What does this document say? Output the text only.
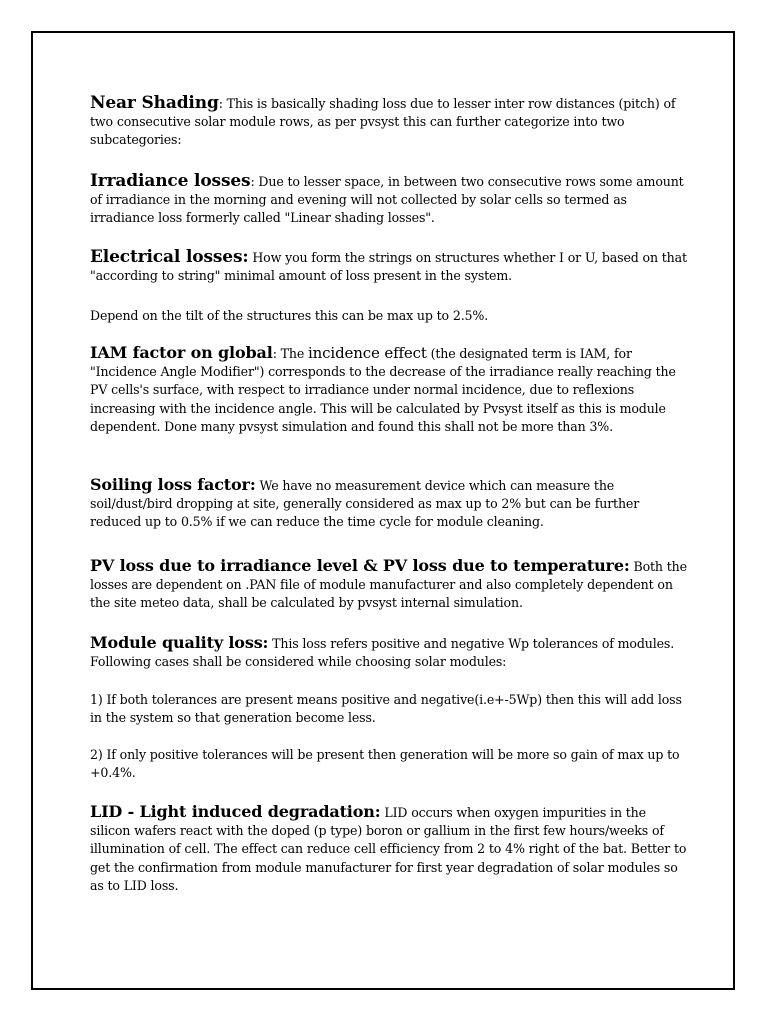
Near Shading: This is basically shading loss due to lesser inter row distances (pitch) of two consecutive solar module rows, as per pvsyst this can further categorize into two subcategories:

Irradiance losses: Due to lesser space, in between two consecutive rows some amount of irradiance in the morning and evening will not collected by solar cells so termed as irradiance loss formerly called "Linear shading losses".

Electrical losses: How you form the strings on structures whether I or U, based on that "according to string" minimal amount of loss present in the system.

Depend on the tilt of the structures this can be max up to 2.5%.

IAM factor on global: The incidence effect (the designated term is IAM, for "Incidence Angle Modifier") corresponds to the decrease of the irradiance really reaching the PV cells's surface, with respect to irradiance under normal incidence, due to reflexions increasing with the incidence angle. This will be calculated by Pvsyst itself as this is module dependent. Done many pvsyst simulation and found this shall not be more than 3%.

Soiling loss factor: We have no measurement device which can measure the soil/dust/bird dropping at site, generally considered as max up to 2% but can be further reduced up to 0.5% if we can reduce the time cycle for module cleaning.

PV loss due to irradiance level & PV loss due to temperature: Both the losses are dependent on .PAN file of module manufacturer and also completely dependent on the site meteo data, shall be calculated by pvsyst internal simulation.

Module quality loss: This loss refers positive and negative Wp tolerances of modules. Following cases shall be considered while choosing solar modules:

1) If both tolerances are present means positive and negative(i.e+-5Wp) then this will add loss in the system so that generation become less.

2) If only positive tolerances will be present then generation will be more so gain of max up to +0.4%.

LID - Light induced degradation: LID occurs when oxygen impurities in the silicon wafers react with the doped (p type) boron or gallium in the first few hours/weeks of illumination of cell. The effect can reduce cell efficiency from 2 to 4% right of the bat. Better to get the confirmation from module manufacturer for first year degradation of solar modules so as to LID loss.
